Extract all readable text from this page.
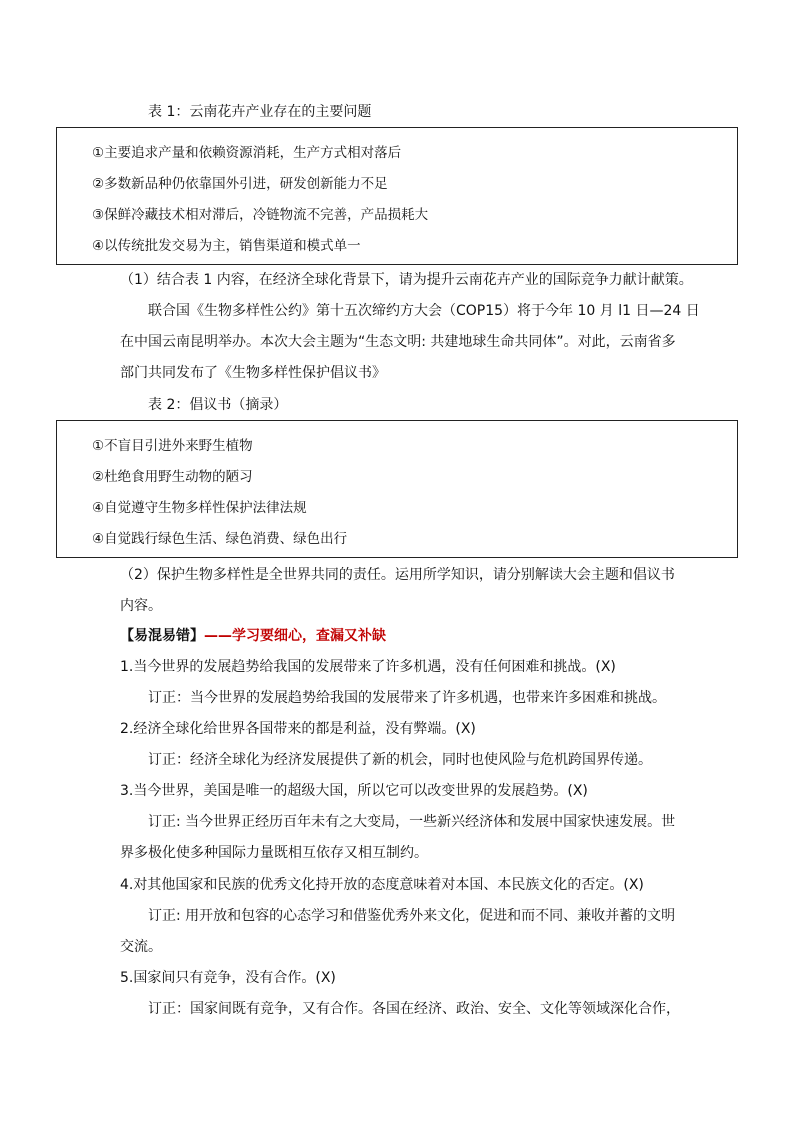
表 1：云南花卉产业存在的主要问题
①主要追求产量和依赖资源消耗，生产方式相对落后
②多数新品种仍依靠国外引进，研发创新能力不足
③保鲜冷藏技术相对滞后，冷链物流不完善，产品损耗大
④以传统批发交易为主，销售渠道和模式单一
（1）结合表 1 内容，在经济全球化背景下，请为提升云南花卉产业的国际竞争力献计献策。
联合国《生物多样性公约》第十五次缔约方大会（COP15）将于今年 10 月 l1 日—24 日
在中国云南昆明举办。本次大会主题为“生态文明: 共建地球生命共同体”。对此，云南省多
部门共同发布了《生物多样性保护倡议书》
表 2：倡议书（摘录）
①不盲目引进外来野生植物
②杜绝食用野生动物的陋习
④自觉遵守生物多样性保护法律法规
④自觉践行绿色生活、绿色消费、绿色出行
（2）保护生物多样性是全世界共同的责任。运用所学知识，请分别解读大会主题和倡议书
内容。
【易混易错】——学习要细心，查漏又补缺
1.当今世界的发展趋势给我国的发展带来了许多机遇，没有任何困难和挑战。(X)
订正：当今世界的发展趋势给我国的发展带来了许多机遇，也带来许多困难和挑战。
2.经济全球化给世界各国带来的都是利益，没有弊端。(X)
订正：经济全球化为经济发展提供了新的机会，同时也使风险与危机跨国界传递。
3.当今世界，美国是唯一的超级大国，所以它可以改变世界的发展趋势。(X)
订正: 当今世界正经历百年未有之大变局，一些新兴经济体和发展中国家快速发展。世
界多极化使多种国际力量既相互依存又相互制约。
4.对其他国家和民族的优秀文化持开放的态度意味着对本国、本民族文化的否定。(X)
订正: 用开放和包容的心态学习和借鉴优秀外来文化，促进和而不同、兼收并蓄的文明
交流。
5.国家间只有竞争，没有合作。(X)
订正：国家间既有竞争，又有合作。各国在经济、政治、安全、文化等领域深化合作，
